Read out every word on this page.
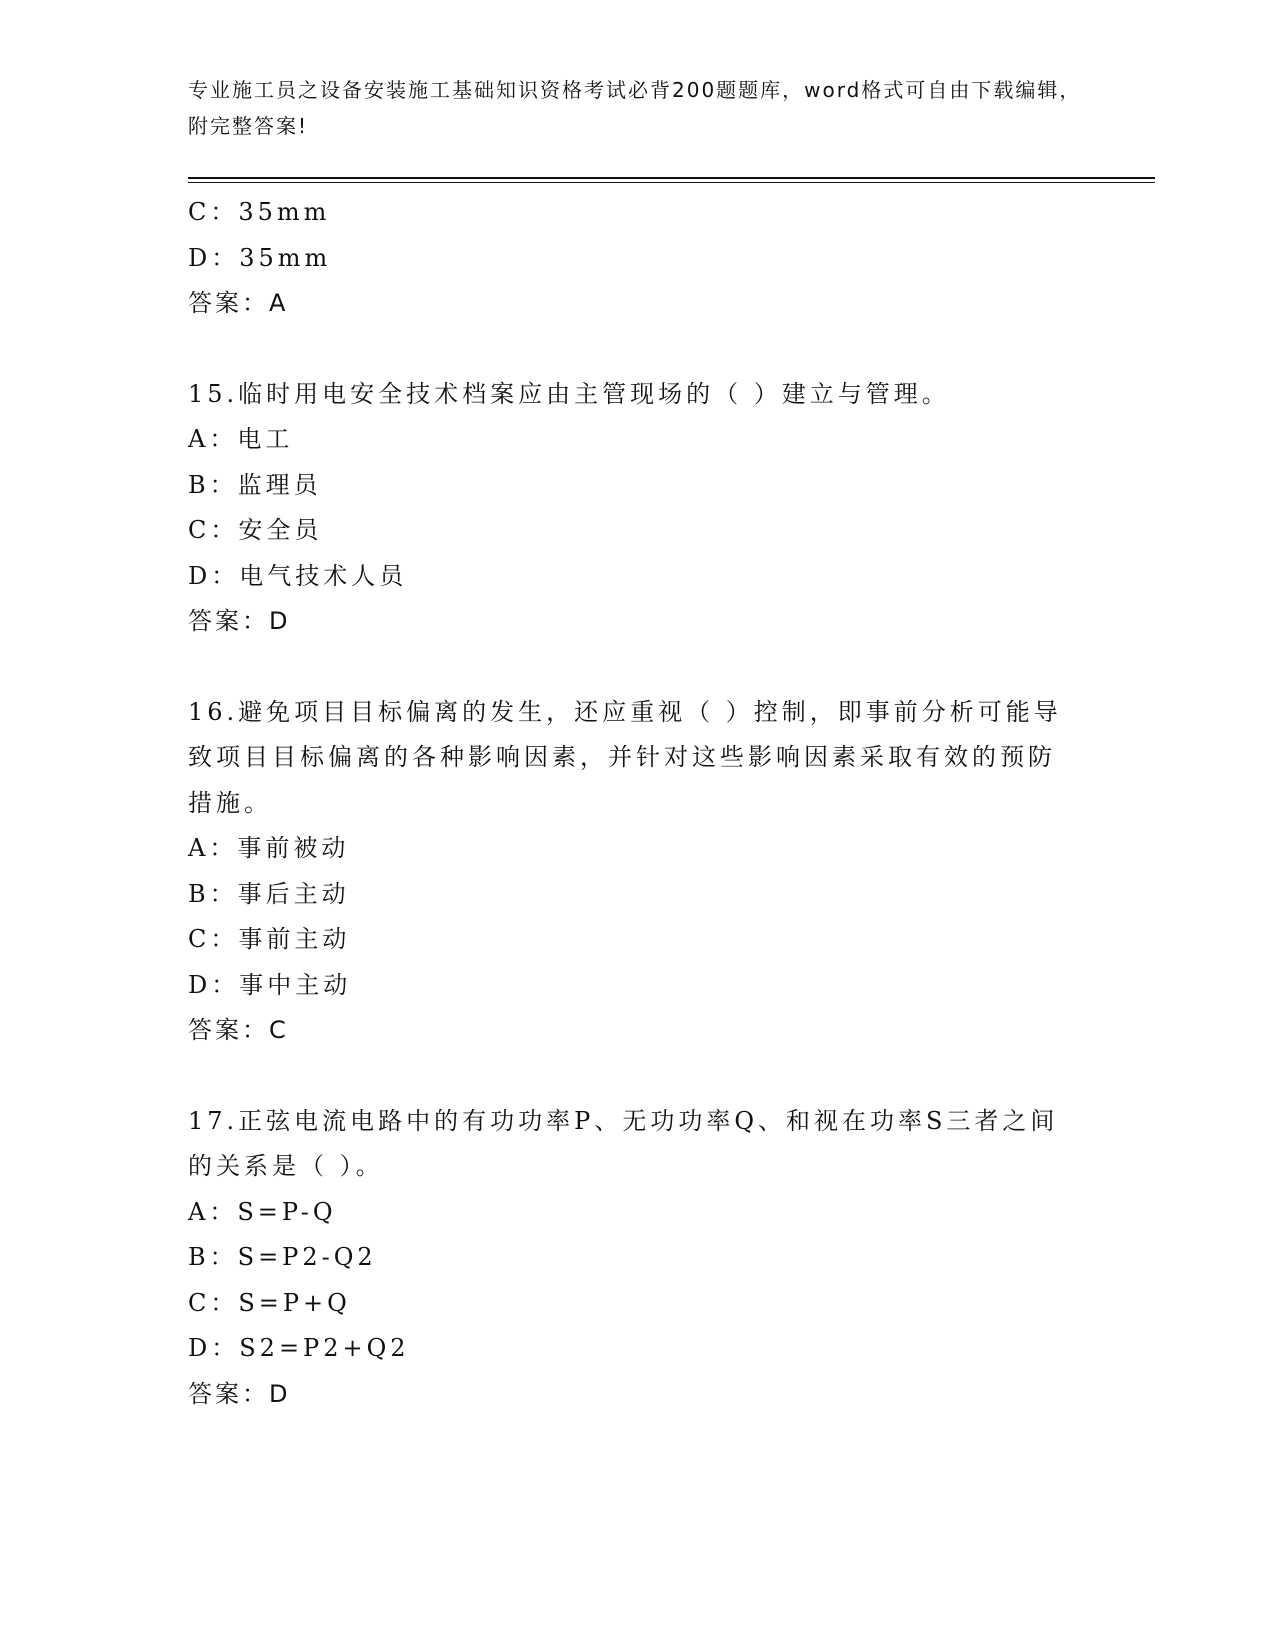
专业施工员之设备安装施工基础知识资格考试必背200题题库，word格式可自由下载编辑，附完整答案!
C：35mm
D：35mm
答案：A
15.临时用电安全技术档案应由主管现场的（ ）建立与管理。
A：电工
B：监理员
C：安全员
D：电气技术人员
答案：D
16.避免项目目标偏离的发生，还应重视（ ）控制，即事前分析可能导致项目目标偏离的各种影响因素，并针对这些影响因素采取有效的预防措施。
A：事前被动
B：事后主动
C：事前主动
D：事中主动
答案：C
17.正弦电流电路中的有功功率P、无功功率Q、和视在功率S三者之间的关系是（ ）。
A：S=P-Q
B：S=P2-Q2
C：S=P+Q
D：S2=P2+Q2
答案：D
